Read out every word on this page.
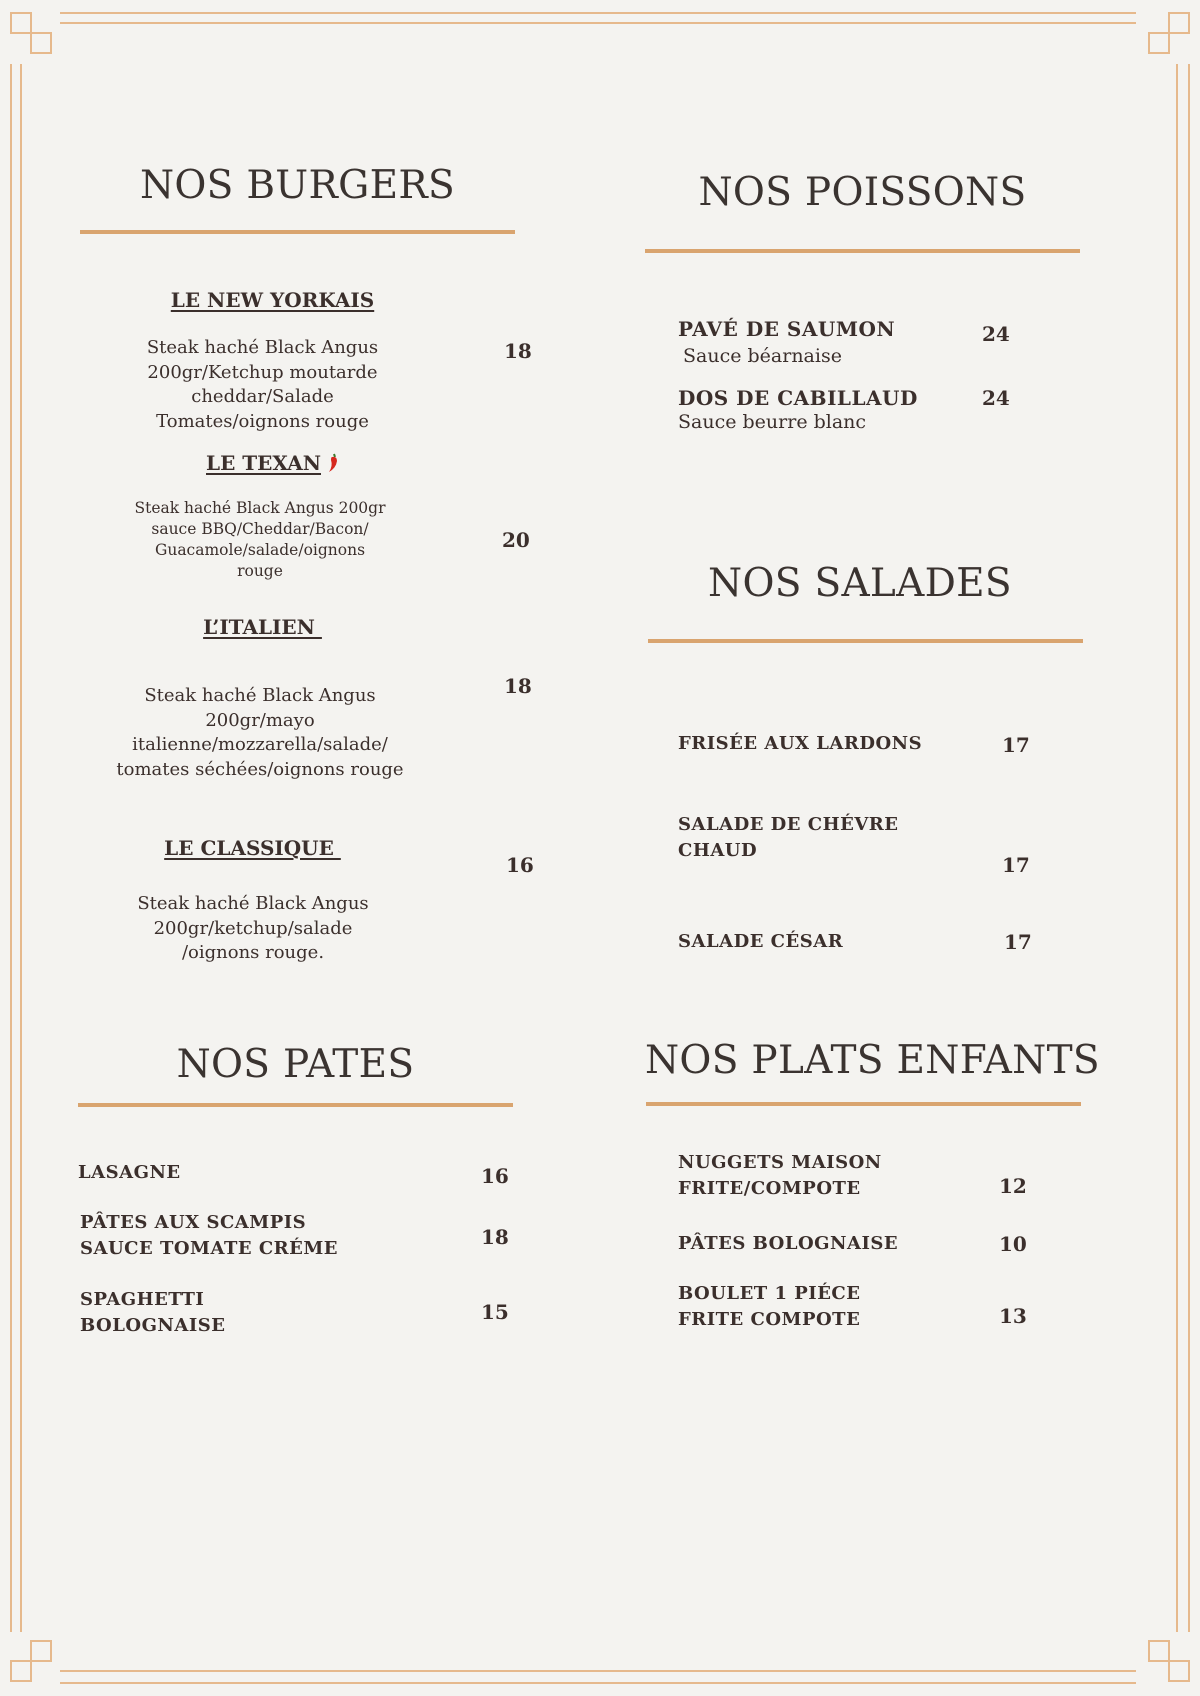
NOS BURGERS
LE NEW YORKAIS
Steak haché Black Angus 200gr/Ketchup moutarde cheddar/Salade Tomates/oignons rouge
18
LE TEXAN
Steak haché Black Angus 200gr sauce BBQ/Cheddar/Bacon/ Guacamole/salade/oignons rouge
20
L’ITALIEN
Steak haché Black Angus 200gr/mayo italienne/mozzarella/salade/ tomates séchées/oignons rouge
18
LE CLASSIQUE
Steak haché Black Angus 200gr/ketchup/salade /oignons rouge.
16
NOS POISSONS
PAVÉ DE SAUMON
Sauce béarnaise
24
DOS DE CABILLAUD
Sauce beurre blanc
24
NOS SALADES
FRISÉE AUX LARDONS	17
SALADE DE CHÉVRE
CHAUD
17
SALADE CÉSAR	17
NOS PATES
LASAGNE	16
PÂTES AUX SCAMPIS
SAUCE TOMATE CRÉME	18
SPAGHETTI
BOLOGNAISE
15
NOS PLATS ENFANTS
NUGGETS MAISON
FRITE/COMPOTE	12
PÂTES BOLOGNAISE	10
BOULET 1 PIÉCE
FRITE COMPOTE	13
